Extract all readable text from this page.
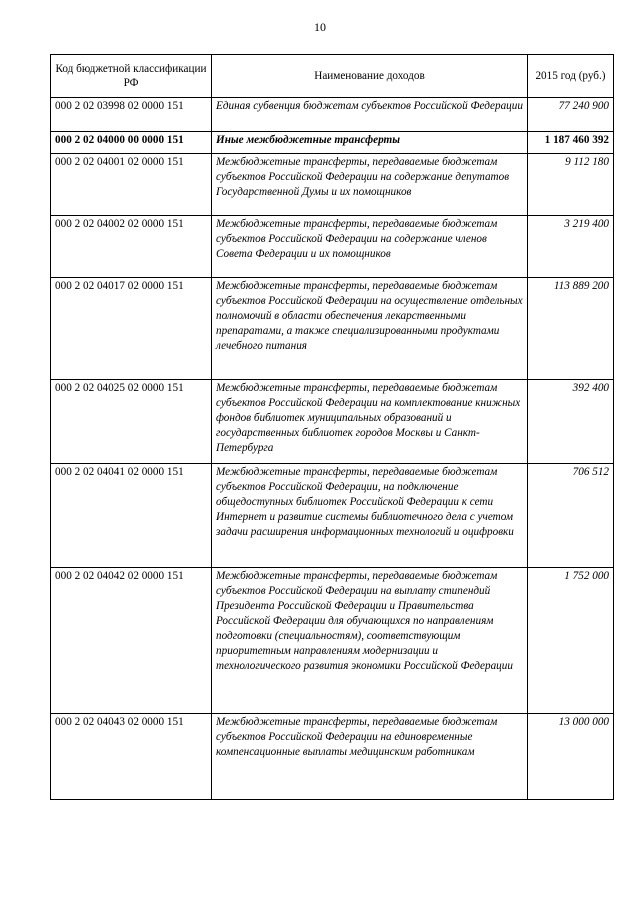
10
Код бюджетной классификации РФ	Наименование доходов	2015 год (руб.)
000 2 02 03998 02 0000 151	Единая субвенция бюджетам субъектов Российской Федерации	77 240 900
000 2 02 04000 00 0000 151	Иные межбюджетные трансферты	1 187 460 392
000 2 02 04001 02 0000 151	Межбюджетные трансферты, передаваемые бюджетам субъектов Российской Федерации на содержание депутатов Государственной Думы и их помощников	9 112 180
000 2 02 04002 02 0000 151	Межбюджетные трансферты, передаваемые бюджетам субъектов Российской Федерации на содержание членов Совета Федерации и их помощников	3 219 400
000 2 02 04017 02 0000 151	Межбюджетные трансферты, передаваемые бюджетам субъектов Российской Федерации на осуществление отдельных полномочий в области обеспечения лекарственными препаратами, а также специализированными продуктами лечебного питания	113 889 200
000 2 02 04025 02 0000 151	Межбюджетные трансферты, передаваемые бюджетам субъектов Российской Федерации на комплектование книжных фондов библиотек муниципальных образований и государственных библиотек городов Москвы и Санкт-Петербурга	392 400
000 2 02 04041 02 0000 151	Межбюджетные трансферты, передаваемые бюджетам субъектов Российской Федерации, на подключение общедоступных библиотек Российской Федерации к сети Интернет и развитие системы библиотечного дела с учетом задачи расширения информационных технологий и оцифровки	706 512
000 2 02 04042 02 0000 151	Межбюджетные трансферты, передаваемые бюджетам субъектов Российской Федерации на выплату стипендий Президента Российской Федерации и Правительства Российской Федерации для обучающихся по направлениям подготовки (специальностям), соответствующим приоритетным направлениям модернизации и технологического развития экономики Российской Федерации	1 752 000
000 2 02 04043 02 0000 151	Межбюджетные трансферты, передаваемые бюджетам субъектов Российской Федерации на единовременные компенсационные выплаты медицинским работникам	13 000 000
